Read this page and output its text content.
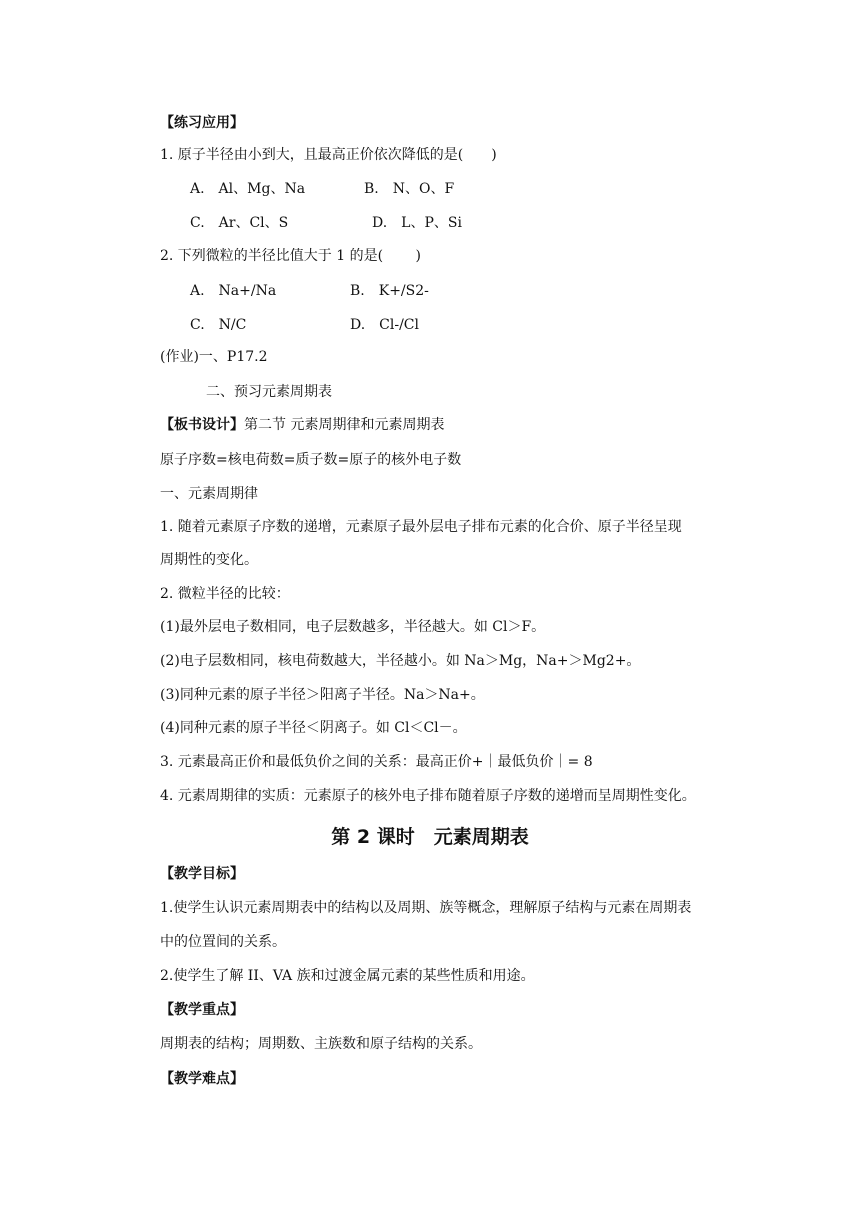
【练习应用】
1. 原子半径由小到大，且最高正价依次降低的是(　　)
A.　Al、Mg、Na	B.　N、O、F
C.　Ar、Cl、S	D.　L、P、Si
2. 下列微粒的半径比值大于 1 的是(　　 )
A.　Na+/Na	B.　K+/S2-
C.　N/C	D.　Cl-/Cl
(作业)一、P17.2
二、预习元素周期表
【板书设计】第二节 元素周期律和元素周期表
原子序数=核电荷数=质子数=原子的核外电子数
一、元素周期律
1. 随着元素原子序数的递增，元素原子最外层电子排布元素的化合价、原子半径呈现
周期性的变化。
2. 微粒半径的比较：
(1)最外层电子数相同，电子层数越多，半径越大。如 Cl＞F。
(2)电子层数相同，核电荷数越大，半径越小。如 Na＞Mg，Na+＞Mg2+。
(3)同种元素的原子半径＞阳离子半径。Na＞Na+。
(4)同种元素的原子半径＜阴离子。如 Cl＜Cl－。
3. 元素最高正价和最低负价之间的关系：最高正价+｜最低负价｜= 8
4. 元素周期律的实质：元素原子的核外电子排布随着原子序数的递增而呈周期性变化。
第 2 课时　元素周期表
【教学目标】
1.使学生认识元素周期表中的结构以及周期、族等概念，理解原子结构与元素在周期表
中的位置间的关系。
2.使学生了解 II、VA 族和过渡金属元素的某些性质和用途。
【教学重点】
周期表的结构；周期数、主族数和原子结构的关系。
【教学难点】
